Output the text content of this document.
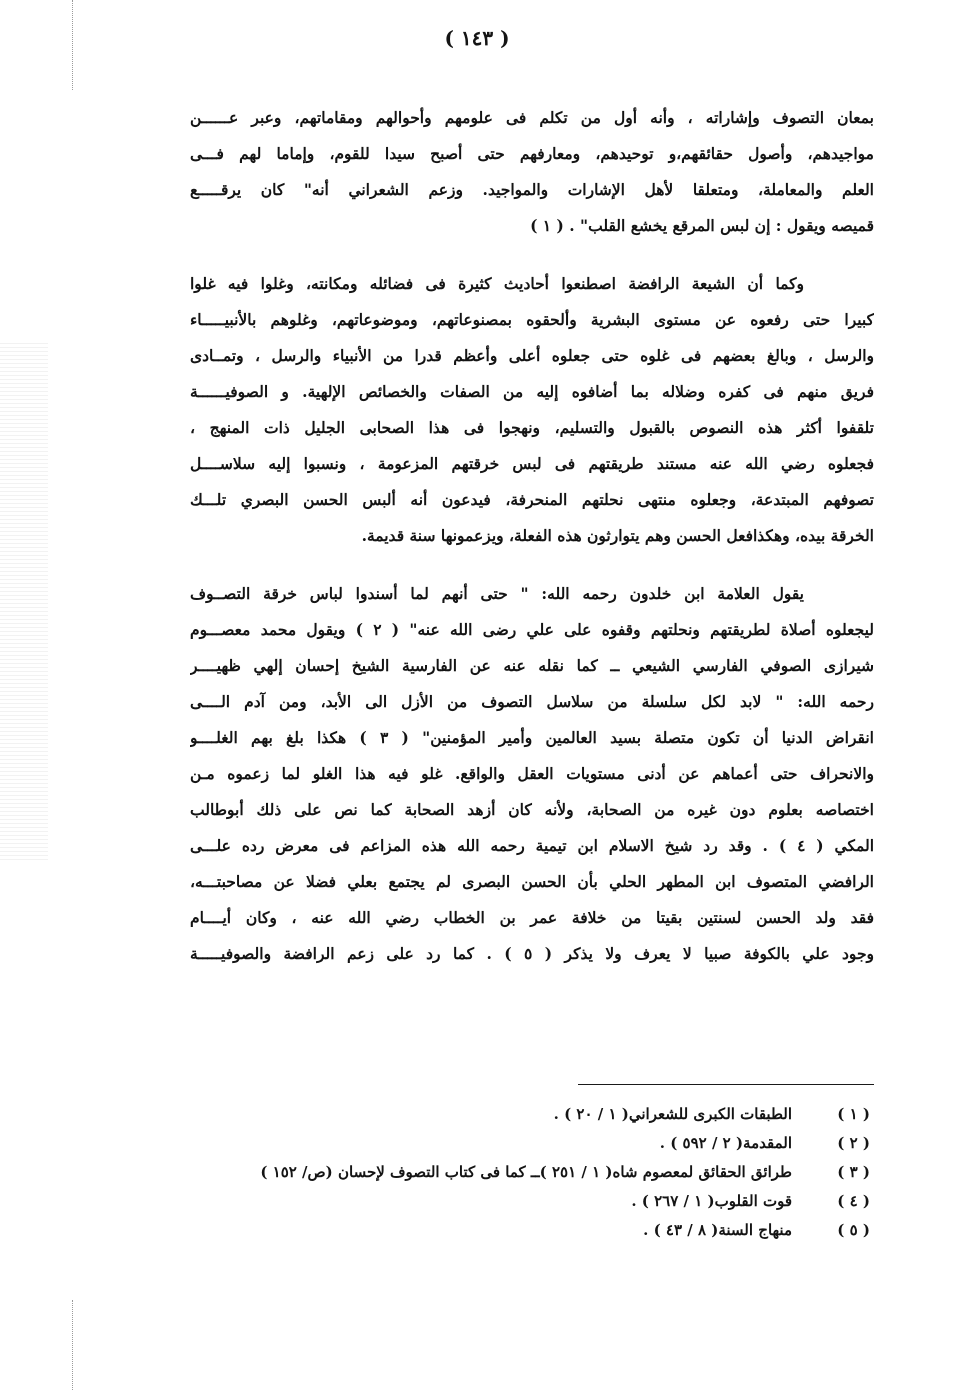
( ١٤٣ )
بمعان التصوف وإشاراته ، وأنه أول من تكلم فى علومهم وأحوالهم ومقاماتهم، وعبر عــــــن
مواجيدهم، وأصول حقائقهم،و توحيدهم، ومعارفهم حتى أصبح سيدا للقوم، وإماما لهم فـــى
العلم والمعاملة، ومتعلقا لأهل الإشارات والمواجيد. وزعم الشعراني أنه" كان يرقـــــع
قميصه ويقول : إن لبس المرقع يخشع القلب" . ( ١ )
وكما أن الشيعة الرافضة اصطنعوا أحاديث كثيرة فى فضائله ومكانته، وغلوا فيه غلوا
كبيرا حتى رفعوه عن مستوى البشرية وألحقوه بمصنوعاتهم، وموضوعاتهم، وغلوهم بالأنبيـــــاء
والرسل ، وبالغ بعضهم فى غلوه حتى جعلوه أعلى وأعظم قدرا من الأنبياء والرسل ، وتمــادى
فريق منهم فى كفره وضلاله بما أضافوه إليه من الصفات والخصائص الإلهية. و الصوفيــــــة
تلقفوا أكثر هذه النصوص بالقبول والتسليم، ونهجوا فى هذا الصحابى الجليل ذات المنهج ،
فجعلوه رضي الله عنه مستند طريقتهم فى لبس خرقتهم المزعومة ، ونسبوا إليه سلاســــل
تصوفهم المبتدعة، وجعلوه منتهى نحلتهم المنحرفة، فيدعون أنه ألبس الحسن البصري تلـــك
الخرقة بيده، وهكذافعل الحسن وهم يتوارثون هذه الفعلة، ويزعمونها سنة قديمة.
يقول العلامة ابن خلدون رحمه الله: " حتى أنهم لما أسندوا لباس خرقة التصــوف
ليجعلوه أصلاة لطريقتهم ونحلتهم وقفوه على علي رضى الله عنه" ( ٢ ) ويقول محمد معصـــوم
شيرازى الصوفي الفارسي الشيعي ــ كما نقله عنه عن الفارسية الشيخ إحسان إلهي ظهيــــر
رحمه الله: " لابد لكل سلسلة من سلاسل التصوف من الأزل الى الأبد، ومن آدم الــــى
انقراض الدنيا أن تكون متصلة بسيد العالمين وأمير المؤمنين" ( ٣ ) هكذا بلغ بهم الغلــــو
والانحراف حتى أعماهم عن أدنى مستويات العقل والواقع. غلو فيه هذا الغلو لما زعموه مـن
اختصاصه بعلوم دون غيره من الصحابة، ولأنه كان أزهد الصحابة كما نص على ذلك أبوطالب
المكي ( ٤ ) . وقد رد شيخ الاسلام ابن تيمية رحمه الله هذه المزاعم فى معرض رده علـــى
الرافضي المتصوف ابن المطهر الحلي بأن الحسن البصرى لم يجتمع بعلي فضلا عن مصاحبتـــه،
فقد ولد الحسن لسنتين بقيتا من خلافة عمر بن الخطاب رضي الله عنه ، وكان أيــــام
وجود علي بالكوفة صبيا لا يعرف ولا يذكر ( ٥ ) . كما رد على زعم الرافضة والصوفيـــــة
( ١ )الطبقات الكبرى للشعراني( ١ / ٢٠ ) .
( ٢ )المقدمة( ٢ / ٥٩٢ ) .
( ٣ )طرائق الحقائق لمعصوم شاه( ١ / ٢٥١ )ــ كما فى كتاب التصوف لإحسان (ص/ ١٥٢ )
( ٤ )قوت القلوب( ١ / ٢٦٧ ) .
( ٥ )منهاج السنة( ٨ / ٤٣ ) .
